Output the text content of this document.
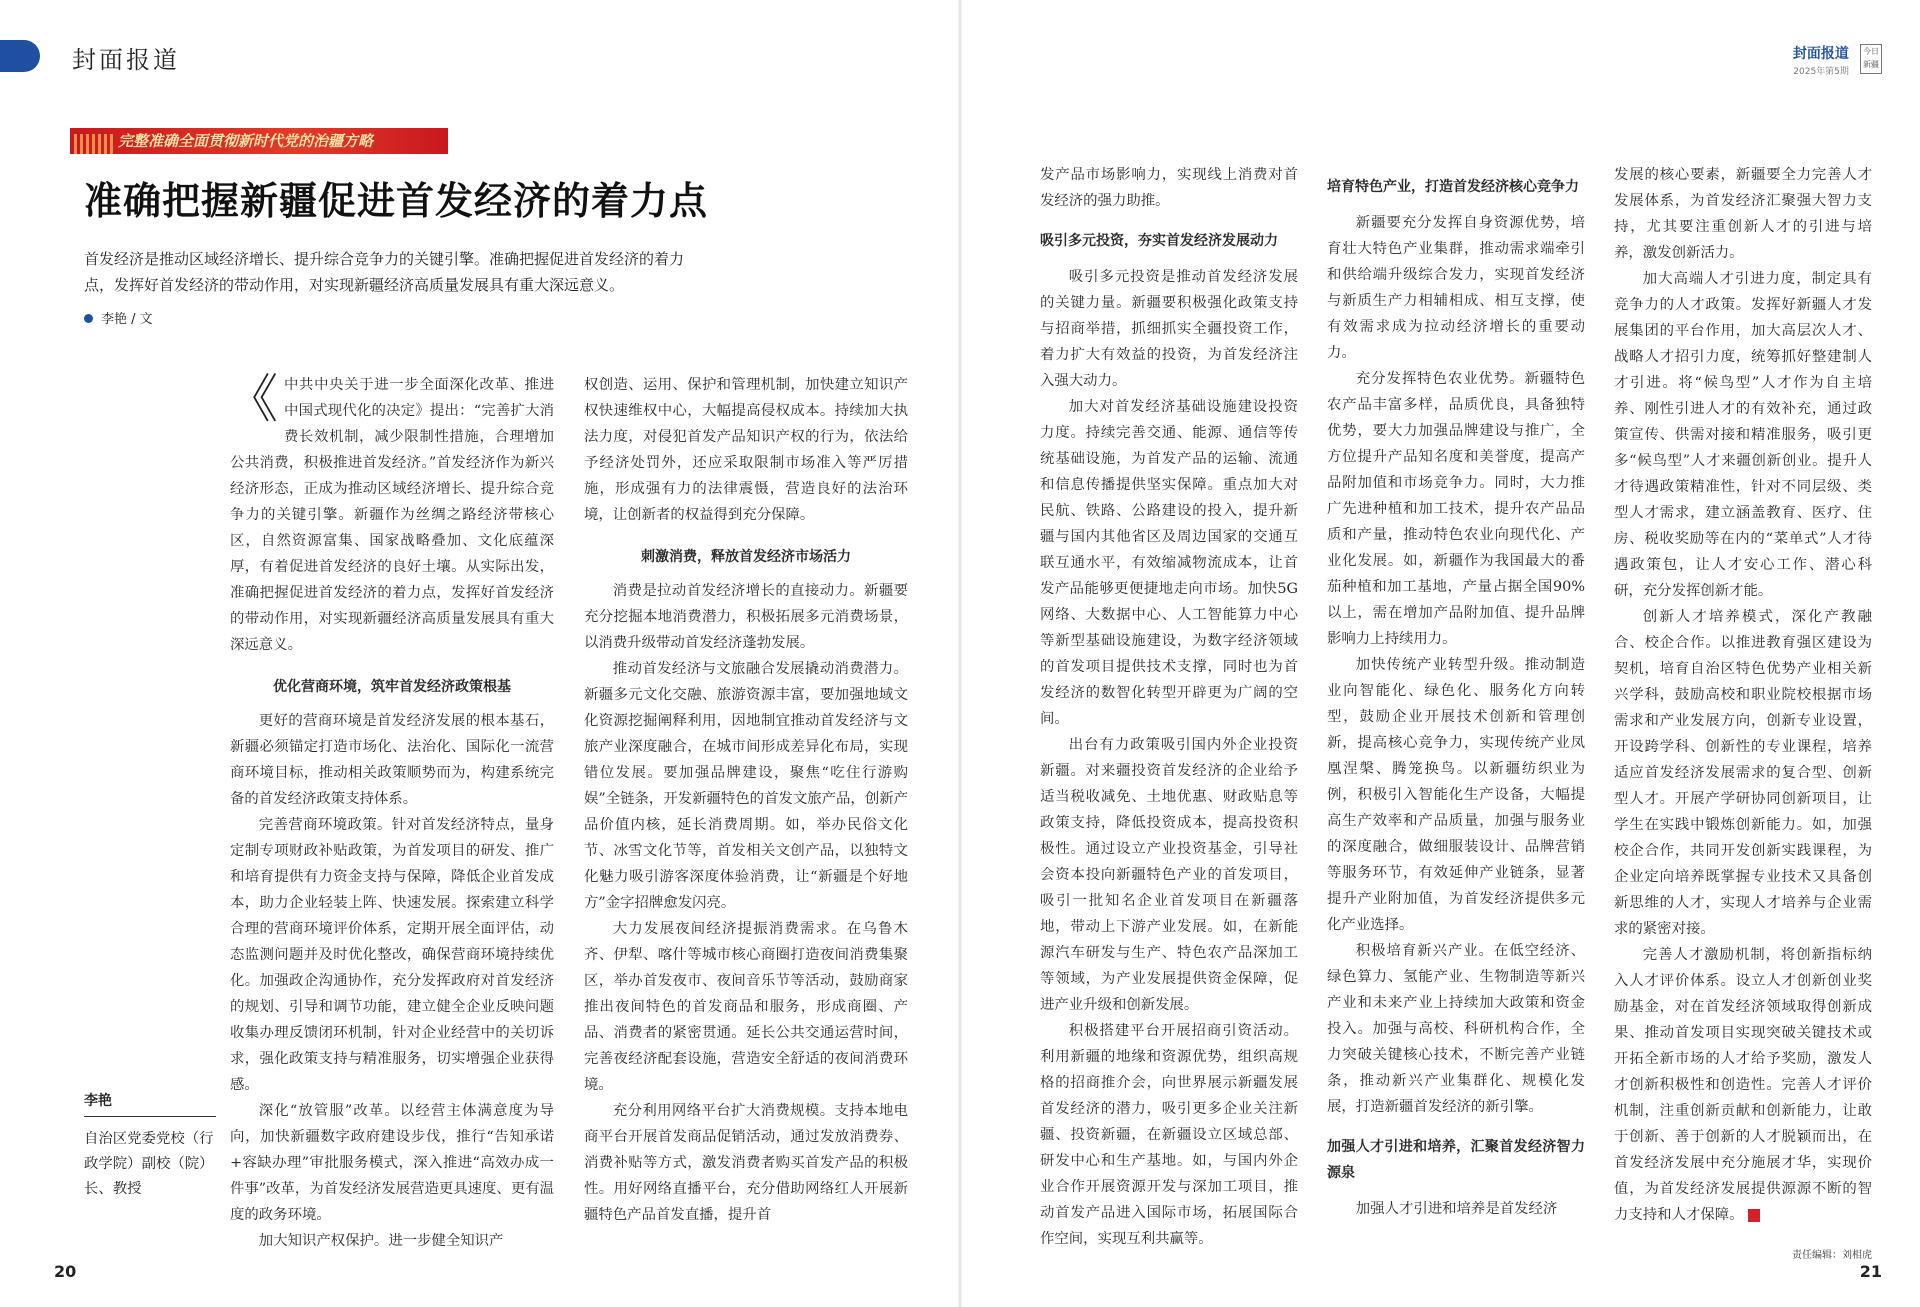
封面报道
完整准确全面贯彻新时代党的治疆方略
准确把握新疆促进首发经济的着力点
首发经济是推动区域经济增长、提升综合竞争力的关键引擎。准确把握促进首发经济的着力点，发挥好首发经济的带动作用，对实现新疆经济高质量发展具有重大深远意义。
李艳 / 文

《 中共中央关于进一步全面深化改革、推进中国式现代化的决定》提出：“完善扩大消费长效机制，减少限制性措施，合理增加公共消费，积极推进首发经济。”首发经济作为新兴经济形态，正成为推动区域经济增长、提升综合竞争力的关键引擎。新疆作为丝绸之路经济带核心区，自然资源富集、国家战略叠加、文化底蕴深厚，有着促进首发经济的良好土壤。从实际出发，准确把握促进首发经济的着力点，发挥好首发经济的带动作用，对实现新疆经济高质量发展具有重大深远意义。

优化营商环境，筑牢首发经济政策根基

更好的营商环境是首发经济发展的根本基石，新疆必须锚定打造市场化、法治化、国际化一流营商环境目标，推动相关政策顺势而为，构建系统完备的首发经济政策支持体系。

完善营商环境政策。针对首发经济特点，量身定制专项财政补贴政策，为首发项目的研发、推广和培育提供有力资金支持与保障，降低企业首发成本，助力企业轻装上阵、快速发展。探索建立科学合理的营商环境评价体系，定期开展全面评估，动态监测问题并及时优化整改，确保营商环境持续优化。加强政企沟通协作，充分发挥政府对首发经济的规划、引导和调节功能，建立健全企业反映问题收集办理反馈闭环机制，针对企业经营中的关切诉求，强化政策支持与精准服务，切实增强企业获得感。

深化“放管服”改革。以经营主体满意度为导向，加快新疆数字政府建设步伐，推行“告知承诺+容缺办理”审批服务模式，深入推进“高效办成一件事”改革，为首发经济发展营造更具速度、更有温度的政务环境。

加大知识产权保护。进一步健全知识产

李艳
自治区党委党校（行政学院）副校（院）长、教授

权创造、运用、保护和管理机制，加快建立知识产权快速维权中心，大幅提高侵权成本。持续加大执法力度，对侵犯首发产品知识产权的行为，依法给予经济处罚外，还应采取限制市场准入等严厉措施，形成强有力的法律震慑，营造良好的法治环境，让创新者的权益得到充分保障。

刺激消费，释放首发经济市场活力

消费是拉动首发经济增长的直接动力。新疆要充分挖掘本地消费潜力，积极拓展多元消费场景，以消费升级带动首发经济蓬勃发展。

推动首发经济与文旅融合发展撬动消费潜力。新疆多元文化交融、旅游资源丰富，要加强地域文化资源挖掘阐释利用，因地制宜推动首发经济与文旅产业深度融合，在城市间形成差异化布局，实现错位发展。要加强品牌建设，聚焦“吃住行游购娱”全链条，开发新疆特色的首发文旅产品，创新产品价值内核，延长消费周期。如，举办民俗文化节、冰雪文化节等，首发相关文创产品，以独特文化魅力吸引游客深度体验消费，让“新疆是个好地方”金字招牌愈发闪亮。

大力发展夜间经济提振消费需求。在乌鲁木齐、伊犁、喀什等城市核心商圈打造夜间消费集聚区，举办首发夜市、夜间音乐节等活动，鼓励商家推出夜间特色的首发商品和服务，形成商圈、产品、消费者的紧密贯通。延长公共交通运营时间，完善夜经济配套设施，营造安全舒适的夜间消费环境。

充分利用网络平台扩大消费规模。支持本地电商平台开展首发商品促销活动，通过发放消费券、消费补贴等方式，激发消费者购买首发产品的积极性。用好网络直播平台，充分借助网络红人开展新疆特色产品首发直播，提升首

20
封面报道
2025年第5期
今日新疆

发产品市场影响力，实现线上消费对首发经济的强力助推。

吸引多元投资，夯实首发经济发展动力

吸引多元投资是推动首发经济发展的关键力量。新疆要积极强化政策支持与招商举措，抓细抓实全疆投资工作，着力扩大有效益的投资，为首发经济注入强大动力。

加大对首发经济基础设施建设投资力度。持续完善交通、能源、通信等传统基础设施，为首发产品的运输、流通和信息传播提供坚实保障。重点加大对民航、铁路、公路建设的投入，提升新疆与国内其他省区及周边国家的交通互联互通水平，有效缩减物流成本，让首发产品能够更便捷地走向市场。加快5G网络、大数据中心、人工智能算力中心等新型基础设施建设，为数字经济领域的首发项目提供技术支撑，同时也为首发经济的数智化转型开辟更为广阔的空间。

出台有力政策吸引国内外企业投资新疆。对来疆投资首发经济的企业给予适当税收减免、土地优惠、财政贴息等政策支持，降低投资成本，提高投资积极性。通过设立产业投资基金，引导社会资本投向新疆特色产业的首发项目，吸引一批知名企业首发项目在新疆落地，带动上下游产业发展。如，在新能源汽车研发与生产、特色农产品深加工等领域，为产业发展提供资金保障，促进产业升级和创新发展。

积极搭建平台开展招商引资活动。利用新疆的地缘和资源优势，组织高规格的招商推介会，向世界展示新疆发展首发经济的潜力，吸引更多企业关注新疆、投资新疆，在新疆设立区域总部、研发中心和生产基地。如，与国内外企业合作开展资源开发与深加工项目，推动首发产品进入国际市场，拓展国际合作空间，实现互利共赢等。

培育特色产业，打造首发经济核心竞争力

新疆要充分发挥自身资源优势，培育壮大特色产业集群，推动需求端牵引和供给端升级综合发力，实现首发经济与新质生产力相辅相成、相互支撑，使有效需求成为拉动经济增长的重要动力。

充分发挥特色农业优势。新疆特色农产品丰富多样，品质优良，具备独特优势，要大力加强品牌建设与推广，全方位提升产品知名度和美誉度，提高产品附加值和市场竞争力。同时，大力推广先进种植和加工技术，提升农产品品质和产量，推动特色农业向现代化、产业化发展。如，新疆作为我国最大的番茄种植和加工基地，产量占据全国90%以上，需在增加产品附加值、提升品牌影响力上持续用力。

加快传统产业转型升级。推动制造业向智能化、绿色化、服务化方向转型，鼓励企业开展技术创新和管理创新，提高核心竞争力，实现传统产业凤凰涅槃、腾笼换鸟。以新疆纺织业为例，积极引入智能化生产设备，大幅提高生产效率和产品质量，加强与服务业的深度融合，做细服装设计、品牌营销等服务环节，有效延伸产业链条，显著提升产业附加值，为首发经济提供多元化产业选择。

积极培育新兴产业。在低空经济、绿色算力、氢能产业、生物制造等新兴产业和未来产业上持续加大政策和资金投入。加强与高校、科研机构合作，全力突破关键核心技术，不断完善产业链条，推动新兴产业集群化、规模化发展，打造新疆首发经济的新引擎。

加强人才引进和培养，汇聚首发经济智力源泉

加强人才引进和培养是首发经济

发展的核心要素，新疆要全力完善人才发展体系，为首发经济汇聚强大智力支持，尤其要注重创新人才的引进与培养，激发创新活力。

加大高端人才引进力度，制定具有竞争力的人才政策。发挥好新疆人才发展集团的平台作用，加大高层次人才、战略人才招引力度，统筹抓好整建制人才引进。将“候鸟型”人才作为自主培养、刚性引进人才的有效补充，通过政策宣传、供需对接和精准服务，吸引更多“候鸟型”人才来疆创新创业。提升人才待遇政策精准性，针对不同层级、类型人才需求，建立涵盖教育、医疗、住房、税收奖励等在内的“菜单式”人才待遇政策包，让人才安心工作、潜心科研，充分发挥创新才能。

创新人才培养模式，深化产教融合、校企合作。以推进教育强区建设为契机，培育自治区特色优势产业相关新兴学科，鼓励高校和职业院校根据市场需求和产业发展方向，创新专业设置，开设跨学科、创新性的专业课程，培养适应首发经济发展需求的复合型、创新型人才。开展产学研协同创新项目，让学生在实践中锻炼创新能力。如，加强校企合作，共同开发创新实践课程，为企业定向培养既掌握专业技术又具备创新思维的人才，实现人才培养与企业需求的紧密对接。

完善人才激励机制，将创新指标纳入人才评价体系。设立人才创新创业奖励基金，对在首发经济领域取得创新成果、推动首发项目实现突破关键技术或开拓全新市场的人才给予奖励，激发人才创新积极性和创造性。完善人才评价机制，注重创新贡献和创新能力，让敢于创新、善于创新的人才脱颖而出，在首发经济发展中充分施展才华，实现价值，为首发经济发展提供源源不断的智力支持和人才保障。

责任编辑：刘相虎
21
